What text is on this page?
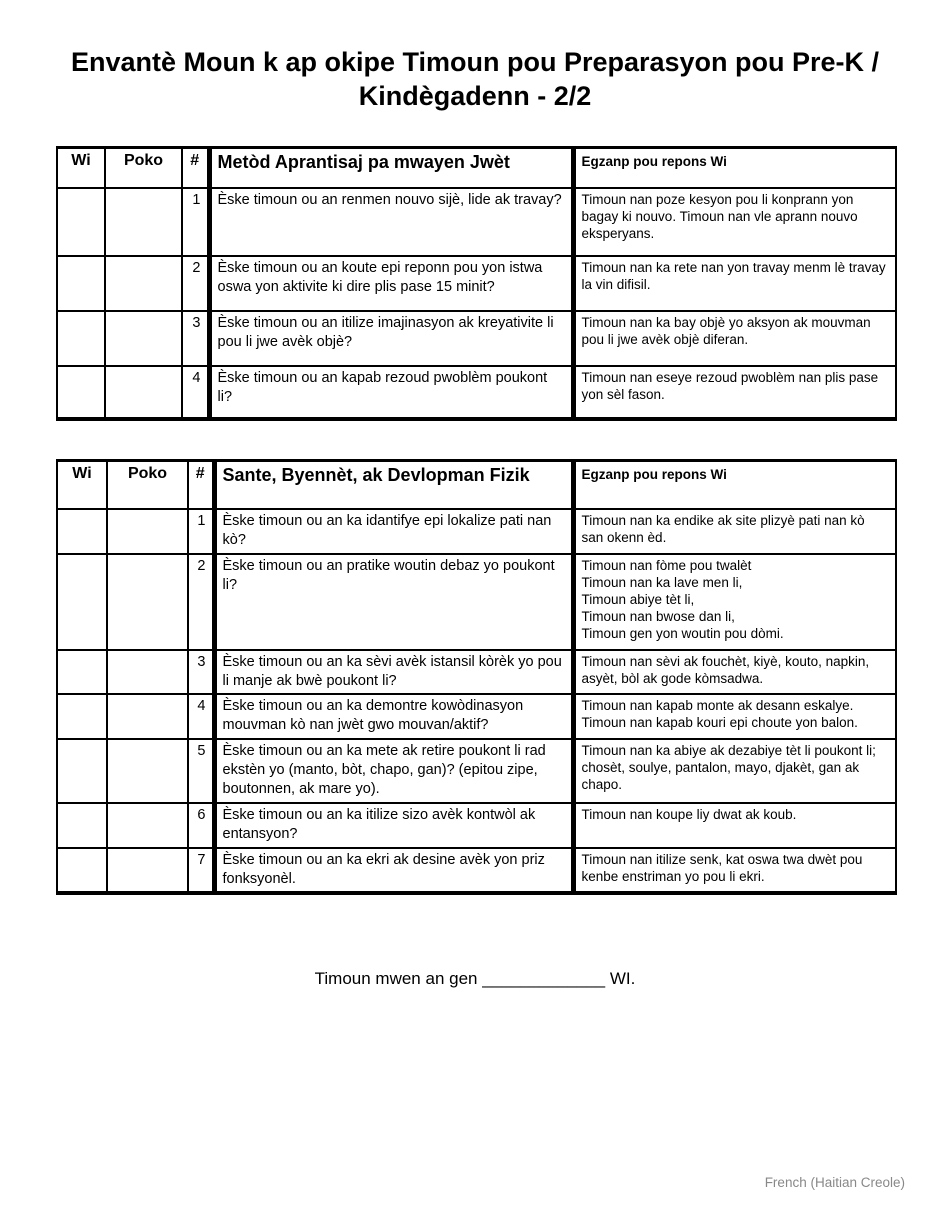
Envantè Moun k ap okipe Timoun pou Preparasyon pou Pre-K / Kindègadenn - 2/2
Wi	Poko	#	Metòd Aprantisaj pa mwayen Jwèt	Egzanp pou repons Wi
		1	Èske timoun ou an renmen nouvo sijè, lide ak travay?	Timoun nan poze kesyon pou li konprann yon bagay ki nouvo. Timoun nan vle aprann nouvo eksperyans.

		2	Èske timoun ou an koute epi reponn pou yon istwa oswa yon aktivite ki dire plis pase 15 minit?	Timoun nan ka rete nan yon travay menm lè travay la vin difisil.

		3	Èske timoun ou an itilize imajinasyon ak kreyativite li pou li jwe avèk objè?	Timoun nan ka bay objè yo aksyon ak mouvman pou li jwe avèk objè diferan.

		4	Èske timoun ou an kapab rezoud pwoblèm poukont li?	Timoun nan eseye rezoud pwoblèm nan plis pase yon sèl fason.
Wi	Poko	#	Sante, Byennèt, ak Devlopman Fizik	Egzanp pou repons Wi
		1	Èske timoun ou an ka idantifye epi lokalize pati nan kò?	Timoun nan ka endike ak site plizyè pati nan kò san okenn èd.

		2	Èske timoun ou an pratike woutin debaz yo poukont li?	Timoun nan fòme pou twalèt
Timoun nan ka lave men li,
Timoun abiye tèt li,
Timoun nan bwose dan li,
Timoun gen yon woutin pou dòmi.

		3	Èske timoun ou an ka sèvi avèk istansil kòrèk yo pou li manje ak bwè poukont li?	Timoun nan sèvi ak fouchèt, kiyè, kouto, napkin, asyèt, bòl ak gode kòmsadwa.

		4	Èske timoun ou an ka demontre kowòdinasyon mouvman kò nan jwèt gwo mouvan/aktif?	Timoun nan kapab monte ak desann eskalye.
Timoun nan kapab kouri epi choute yon balon.

		5	Èske timoun ou an ka mete ak retire poukont li rad ekstèn yo (manto, bòt, chapo, gan)? (epitou zipe, boutonnen, ak mare yo).	Timoun nan ka abiye ak dezabiye tèt li poukont li; chosèt, soulye, pantalon, mayo, djakèt, gan ak chapo.

		6	Èske timoun ou an ka itilize sizo avèk kontwòl ak entansyon?	Timoun nan koupe liy dwat ak koub.

		7	Èske timoun ou an ka ekri ak desine avèk yon priz fonksyonèl.	Timoun nan itilize senk, kat oswa twa dwèt pou kenbe enstriman yo pou li ekri.
Timoun mwen an gen _____________ WI.
French (Haitian Creole)
